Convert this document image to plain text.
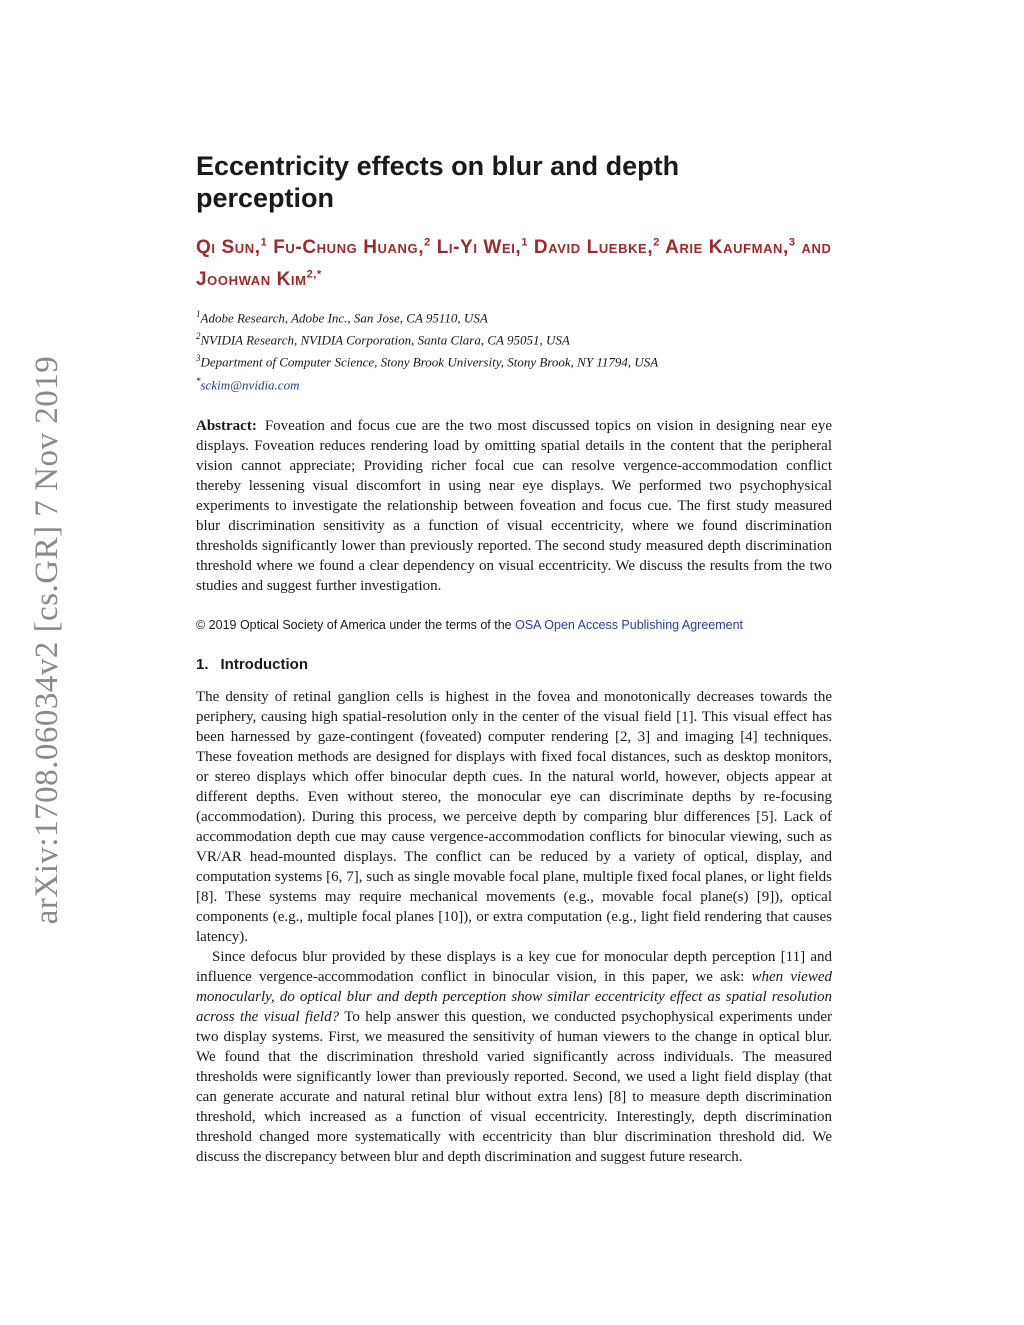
arXiv:1708.06034v2 [cs.GR] 7 Nov 2019
Eccentricity effects on blur and depth perception
Qi Sun,$^1$ Fu-Chung Huang,$^2$ Li-Yi Wei,$^1$ David Luebke,$^2$ Arie Kaufman,$^3$ and Joohwan Kim$^{2,*}$
$^1$Adobe Research, Adobe Inc., San Jose, CA 95110, USA
$^2$NVIDIA Research, NVIDIA Corporation, Santa Clara, CA 95051, USA
$^3$Department of Computer Science, Stony Brook University, Stony Brook, NY 11794, USA
*sckim@nvidia.com
Abstract: Foveation and focus cue are the two most discussed topics on vision in designing near eye displays. Foveation reduces rendering load by omitting spatial details in the content that the peripheral vision cannot appreciate; Providing richer focal cue can resolve vergence-accommodation conflict thereby lessening visual discomfort in using near eye displays. We performed two psychophysical experiments to investigate the relationship between foveation and focus cue. The first study measured blur discrimination sensitivity as a function of visual eccentricity, where we found discrimination thresholds significantly lower than previously reported. The second study measured depth discrimination threshold where we found a clear dependency on visual eccentricity. We discuss the results from the two studies and suggest further investigation.
© 2019 Optical Society of America under the terms of the OSA Open Access Publishing Agreement
1. Introduction

The density of retinal ganglion cells is highest in the fovea and monotonically decreases towards the periphery, causing high spatial-resolution only in the center of the visual field [1]. This visual effect has been harnessed by gaze-contingent (foveated) computer rendering [2, 3] and imaging [4] techniques. These foveation methods are designed for displays with fixed focal distances, such as desktop monitors, or stereo displays which offer binocular depth cues. In the natural world, however, objects appear at different depths. Even without stereo, the monocular eye can discriminate depths by re-focusing (accommodation). During this process, we perceive depth by comparing blur differences [5]. Lack of accommodation depth cue may cause vergence-accommodation conflicts for binocular viewing, such as VR/AR head-mounted displays. The conflict can be reduced by a variety of optical, display, and computation systems [6, 7], such as single movable focal plane, multiple fixed focal planes, or light fields [8]. These systems may require mechanical movements (e.g., movable focal plane(s) [9]), optical components (e.g., multiple focal planes [10]), or extra computation (e.g., light field rendering that causes latency).

Since defocus blur provided by these displays is a key cue for monocular depth perception [11] and influence vergence-accommodation conflict in binocular vision, in this paper, we ask: when viewed monocularly, do optical blur and depth perception show similar eccentricity effect as spatial resolution across the visual field? To help answer this question, we conducted psychophysical experiments under two display systems. First, we measured the sensitivity of human viewers to the change in optical blur. We found that the discrimination threshold varied significantly across individuals. The measured thresholds were significantly lower than previously reported. Second, we used a light field display (that can generate accurate and natural retinal blur without extra lens) [8] to measure depth discrimination threshold, which increased as a function of visual eccentricity. Interestingly, depth discrimination threshold changed more systematically with eccentricity than blur discrimination threshold did. We discuss the discrepancy between blur and depth discrimination and suggest future research.
